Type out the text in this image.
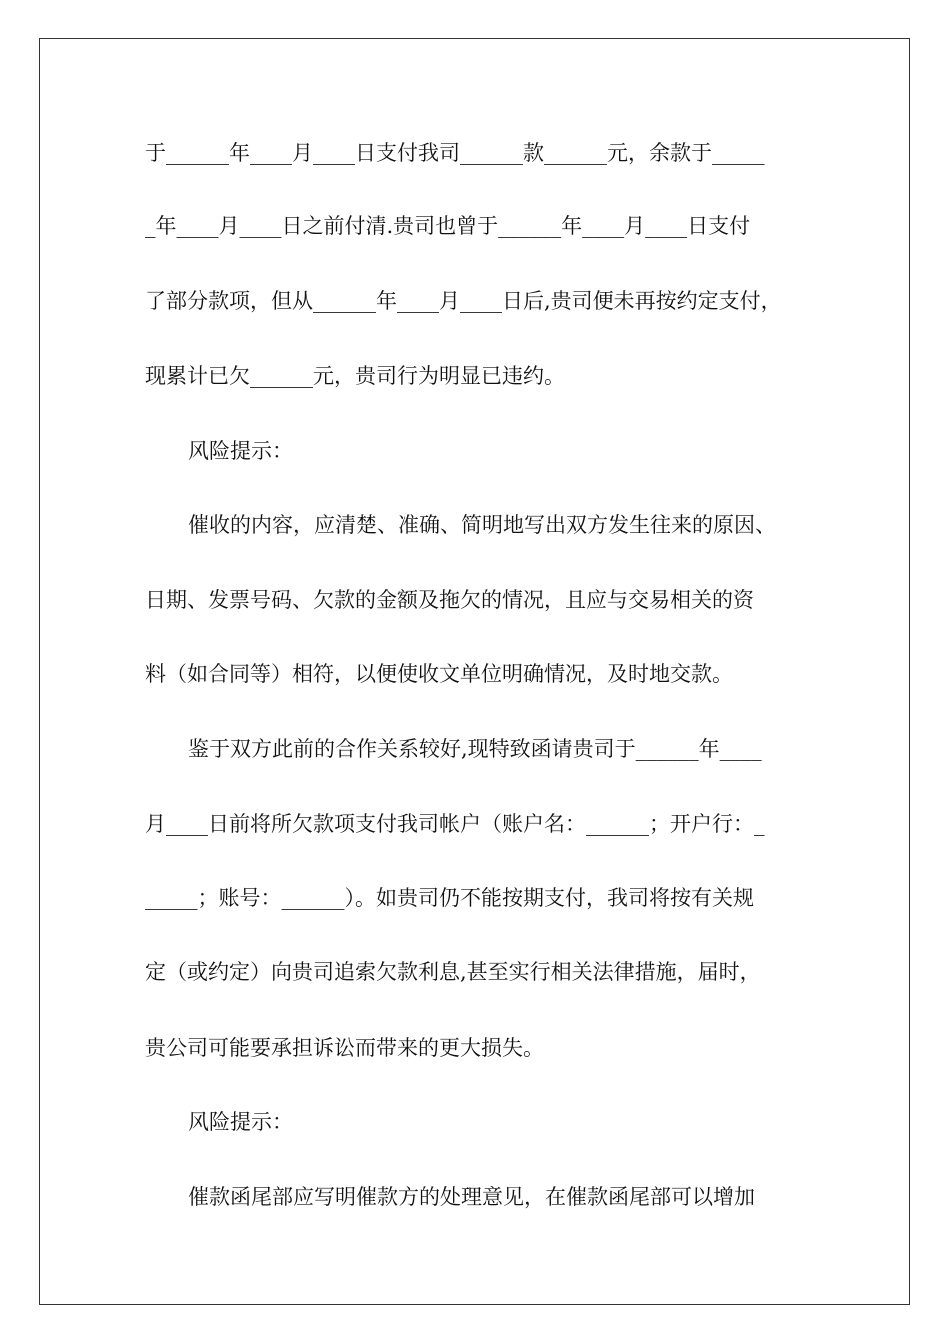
于______年____月____日支付我司______款______元，余款于_____

_年____月____日之前付清.贵司也曾于______年____月____日支付

了部分款项，但从______年____月____日后,贵司便未再按约定支付，

现累计已欠______元，贵司行为明显已违约。

风险提示：

催收的内容，应清楚、准确、简明地写出双方发生往来的原因、

日期、发票号码、欠款的金额及拖欠的情况，且应与交易相关的资

料（如合同等）相符，以便使收文单位明确情况，及时地交款。

鉴于双方此前的合作关系较好,现特致函请贵司于______年____

月____日前将所欠款项支付我司帐户（账户名：______；开户行：_

_____；账号：______）。如贵司仍不能按期支付，我司将按有关规

定（或约定）向贵司追索欠款利息,甚至实行相关法律措施，届时，

贵公司可能要承担诉讼而带来的更大损失。

风险提示：

催款函尾部应写明催款方的处理意见，在催款函尾部可以增加
